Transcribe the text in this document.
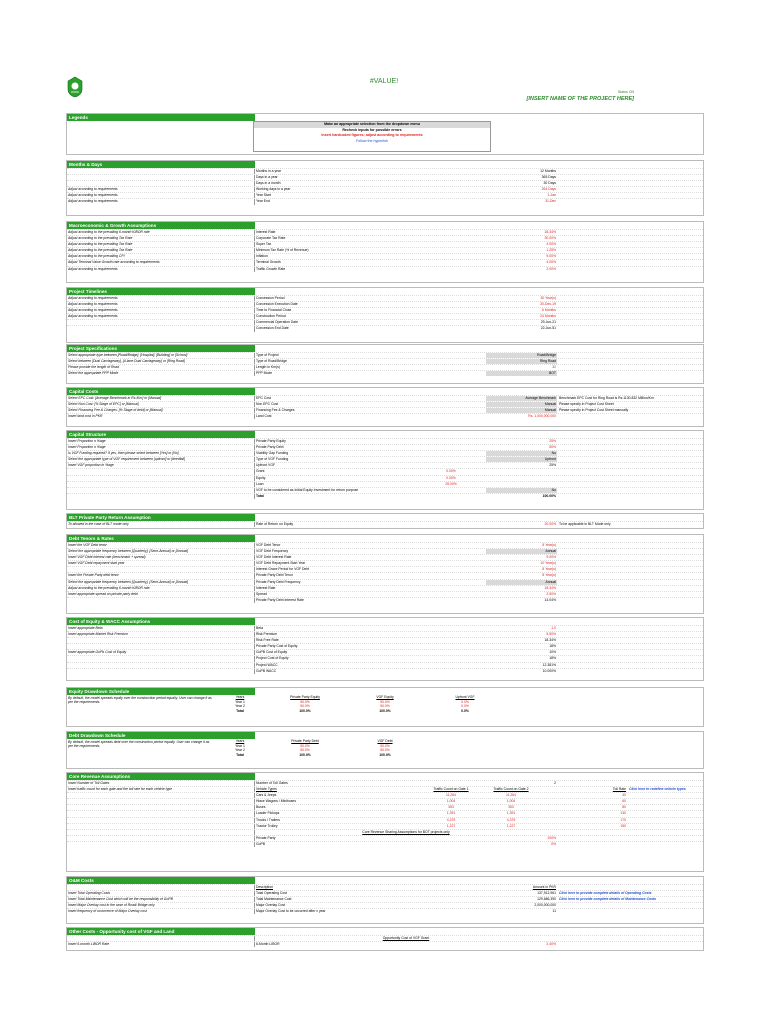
#VALUE!
Status ON
[INSERT NAME OF THE PROJECT HERE]
Legends
Make an appropriate selection from the dropdown menu
Recheck inputs for possible errors
Insert hardcoded figures; adjust according to requirements
Follow the hyperlink
Months & Days
Months in a year	12 Months
Days in a year	365 Days
Days in a month	30 Days
Adjust according to requirements	Working days in a year	264 Days
Adjust according to requirements	Year Start	1-Jan
Adjust according to requirements	Year End	31-Dec
Macroeconomic & Growth Assumptions
Adjust according to the prevailing 6-month KIBOR rate	Interest Rate	18.34%
Adjust according to the prevailing Tax Rate	Corporate Tax Rate	30.00%
Adjust according to the prevailing Tax Rate	Super Tax	4.00%
Adjust according to the prevailing Tax Rate	Minimum Tax Rate (% of Revenue)	1.25%
Adjust according to the prevailing CPI	Inflation	9.00%
Adjust Terminal Value Growth rate according to requirements	Terminal Growth	4.00%
Adjust according to requirements	Traffic Growth Rate	2.00%
Project Timelines
Adjust according to requirements	Concession Period	30 Year(s)
Adjust according to requirements	Concession Execution Date	30-Dec-19
Adjust according to requirements	Time to Financial Close	6 Months
Adjust according to requirements	Construction Period	24 Months
Commercial Operation Date	29-Jun-21
Concession End Date	22-Jun-51
Project Specifications
Select appropriate type between [Road/Bridge], [Hospital], [Building] or [School]	Type of Project	Road/Bridge
Select between [Dual Carriageway], [4-lane Dual Carriageway] or [Ring Road]	Type of Road/Bridge	Ring Road
Please provide the length of Road	Length in Km(s)	32
Select the appropriate PPP Mode	PPP Mode	BOT
Capital Costs
Select EPC Cost: [Average Benchmark in Rs./Km] or [Manual]	EPC Cost	Average Benchmark Benchmark EPC Cost for Ring Road is Rs.1130.832 Million/Km
Select Non Cost: [% Stage of EPC] or [Manual]	Non EPC Cost	Manual Please specify in Project Cost Sheet
Select Financing Fee & Charges: [% Stage of debt] or [Manual]	Financing Fee & Charges	Manual Please specify in Project Cost Sheet manually
Insert land cost in PKR	Land Cost	Rs. 1,000,000,000
Capital Structure
Insert Proportion n %age	Private Party Equity	25%
Insert Proportion n %age	Private Party Debt	50%
Is VGF Funding required? If yes, then please select between [Yes] or [No]	Viability Gap Funding	No
Select the appropriate type of VGF requirement between [upfront] or [deedfall]	Type of VGF Funding	Upfront
Insert VGF proportion in %age	Upfront VGF	25%
Grant	0.00%
Equity	0.00%
Loan	25.00%
VGF to be considered as Initial Equity Investment for return purpose	No
Total	100.00%
BLT Private Party Return Assumption
To allowed in the case of BLT mode only	Rate of Return on Equity	20.00% To be applicable in BLT Mode only
Debt Tenors & Rates
Insert the VGF Debt tenor	VGF Debt Tenor	8 Year(s)
Select the appropriate frequency between [Quarterly], [Semi-Annual] or [Annual]	VGF Debt Frequency	Annual
Insert VGF Debt interest rate (benchmark + spread)	VGF Debt Interest Rate	9.00%
Insert VGF Debt repayment start year	VGF Debt Repayment Start Year	10 Year(s)
Interest Grace Period for VGF Debt	8 Year(s)
Insert the Private Party debt tenor	Private Party Debt Tenor	8 Year(s)
Select the appropriate frequency between [Quarterly], [Semi-Annual] or [Annual]	Private Party Debt Frequency	Annual
Adjust according to the prevailing 6-month KIBOR rate	Interest Rate	18.34%
Insert appropriate spread on private party debt	Spread	2.50%
Private Party Debt Interest Rate	14.04%
Cost of Equity & WACC Assumptions
Insert appropriate Beta	Beta	1.0
Insert appropriate Market Risk Premium	Risk Premium	5.50%
Risk Free Rate	18.34%
Private Party Cost of Equity	18%
Insert appropriate GoPb Cost of Equity	GoPB Cost of Equity	10%
Project Cost of Equity	18%
Project WACC	12.381%
GoPB WACC	10.000%
Equity Drawdown Schedule
By default, the model spreads equity over the construction period equally. User can change it as per the requirements.
Years	Private Party Equity	VGF Equity	Upfront VGF
Year 1	50.0%	50.0%	0.0%
Year 2	50.0%	50.0%	0.0%
Total	100.0%	100.0%	0.0%
Debt Drawdown Schedule
By default, the model spreads debt over the construction period equally. User can change it as per the requirements.
Years	Private Party Debt	VGF Debt
Year 1	50.0%	50.0%
Year 2	50.0%	50.0%
Total	100.0%	100.0%
Core Revenue Assumptions
Insert Number of Toll Gates	Number of Toll Gates	2
Insert traffic count for each gate and the toll rate for each vehicle type	Vehicle Types	Traffic Count on Gate 1	Traffic Count on Gate 2	Toll Rate Click here to redefine vehicle types
Cars & Jeeps	11,264	11,264	40
Hiace Wagons / Minibuses	1,004	1,004	60
Buses	353	353	80
Loader Pickups	1,391	1,391	130
Trucks / Trailers	4,379	4,379	170
Tractor Trolley	1,227	1,227	150
Core Revenue Sharing Assumptions for BOT projects only
Private Party	100%
GoPB	0%
O&M Costs
Description	Amount in PKR
Insert Total Operating Costs	Total Operating Cost	137,912,961 Click here to provide complete details of Operating Costs
Insert Total Maintenance Cost which will be the responsibility of GoPB	Total Maintenance Cost	129,686,390 Click here to provide complete details of Maintenance Costs
Insert Major Overlay cost in the case of Road/ Bridge only	Major Overlay Cost	2,000,000,000
Insert frequency of occurrence of Major Overlay cost	Major Overlay Cost to be occurred after x year	11
Other Costs - Opportunity cost of VGF and Land
Opportunity Cost of VGF Grant
Insert 6-month LIBOR Rate	6-Month LIBOR	2.40%
